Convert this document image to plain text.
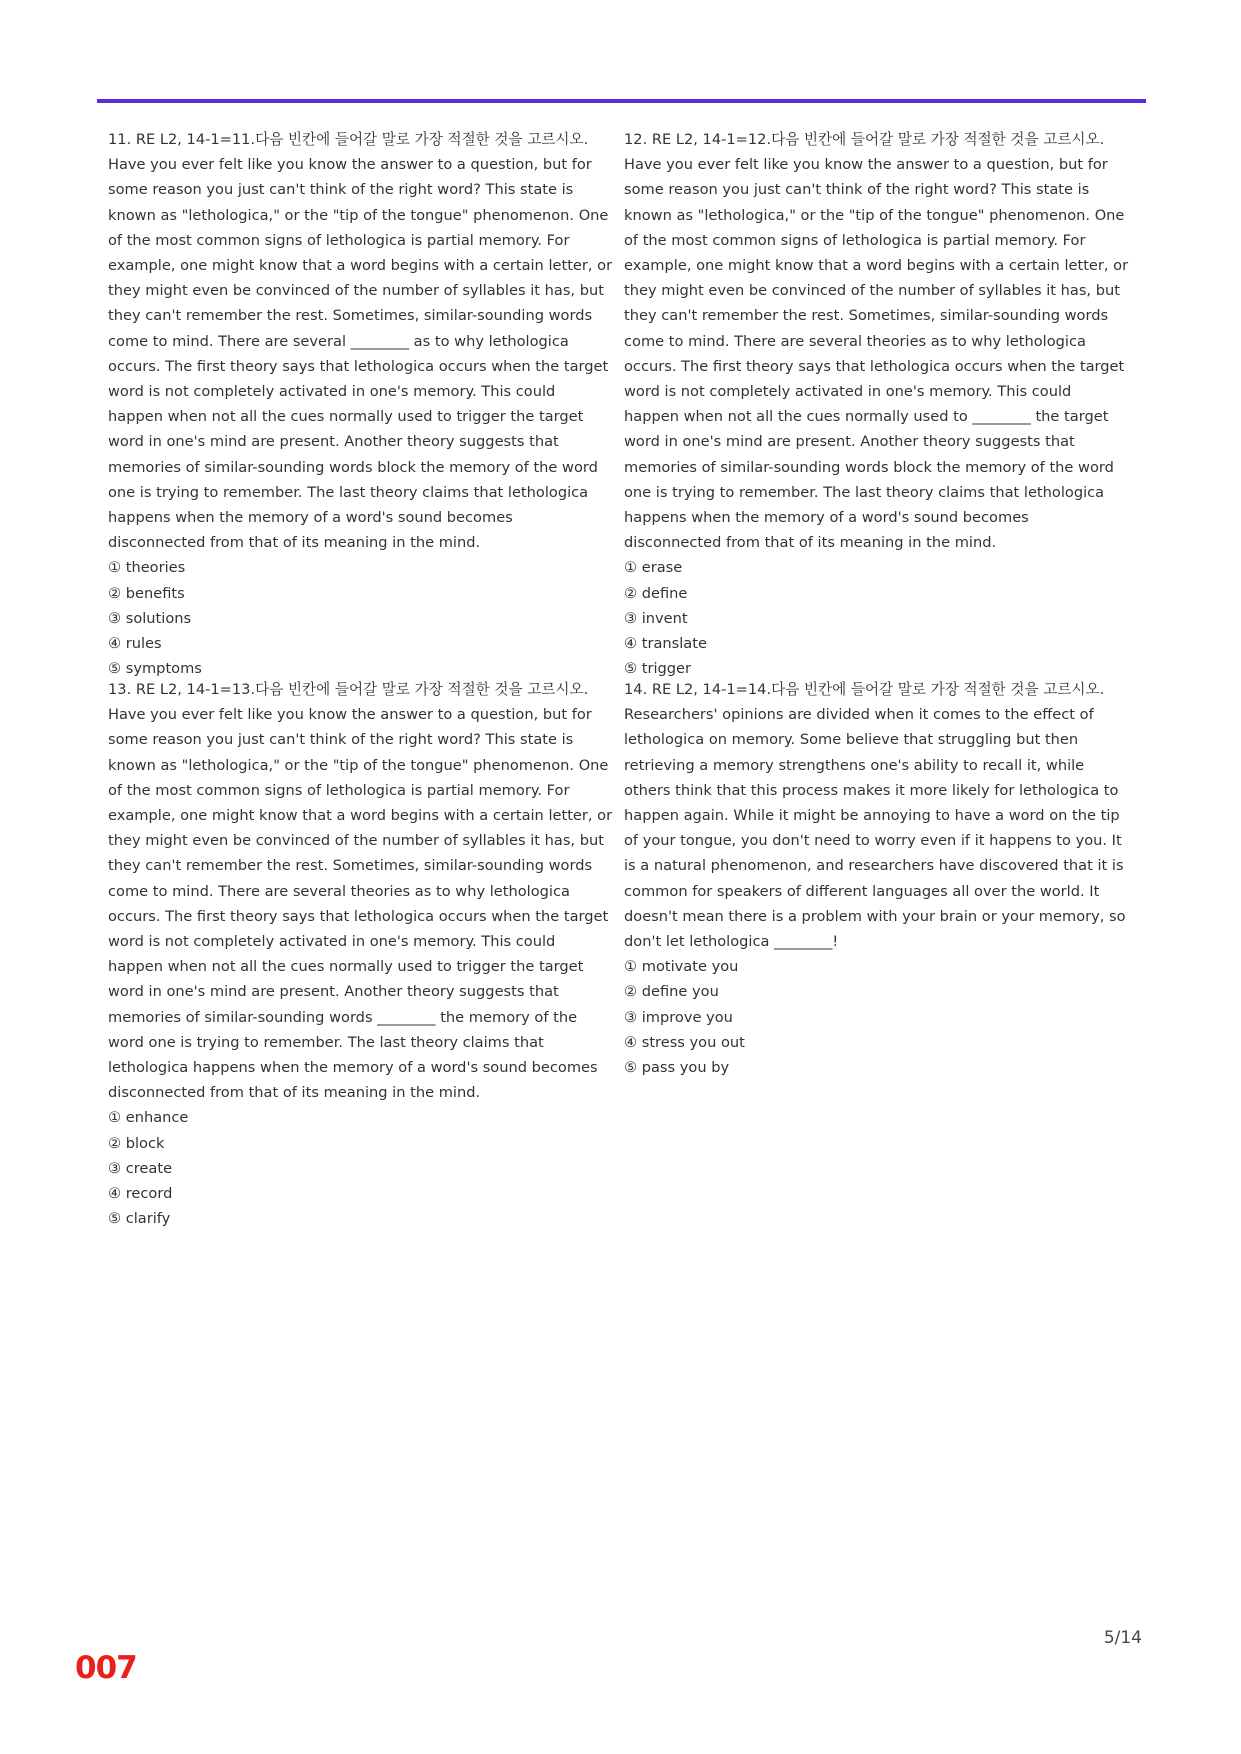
11. RE L2, 14-1=11.다음 빈칸에 들어갈 말로 가장 적절한 것을 고르시오.

Have you ever felt like you know the answer to a question, but for some reason you just can't think of the right word? This state is known as "lethologica," or the "tip of the tongue" phenomenon. One of the most common signs of lethologica is partial memory. For example, one might know that a word begins with a certain letter, or they might even be convinced of the number of syllables it has, but they can't remember the rest. Sometimes, similar-sounding words come to mind. There are several ________ as to why lethologica occurs. The first theory says that lethologica occurs when the target word is not completely activated in one's memory. This could happen when not all the cues normally used to trigger the target word in one's mind are present. Another theory suggests that memories of similar-sounding words block the memory of the word one is trying to remember. The last theory claims that lethologica happens when the memory of a word's sound becomes disconnected from that of its meaning in the mind.

① theories
② benefits
③ solutions
④ rules
⑤ symptoms

12. RE L2, 14-1=12.다음 빈칸에 들어갈 말로 가장 적절한 것을 고르시오.

Have you ever felt like you know the answer to a question, but for some reason you just can't think of the right word? This state is known as "lethologica," or the "tip of the tongue" phenomenon. One of the most common signs of lethologica is partial memory. For example, one might know that a word begins with a certain letter, or they might even be convinced of the number of syllables it has, but they can't remember the rest. Sometimes, similar-sounding words come to mind. There are several theories as to why lethologica occurs. The first theory says that lethologica occurs when the target word is not completely activated in one's memory. This could happen when not all the cues normally used to ________ the target word in one's mind are present. Another theory suggests that memories of similar-sounding words block the memory of the word one is trying to remember. The last theory claims that lethologica happens when the memory of a word's sound becomes disconnected from that of its meaning in the mind.

① erase
② define
③ invent
④ translate
⑤ trigger

13. RE L2, 14-1=13.다음 빈칸에 들어갈 말로 가장 적절한 것을 고르시오.

Have you ever felt like you know the answer to a question, but for some reason you just can't think of the right word? This state is known as "lethologica," or the "tip of the tongue" phenomenon. One of the most common signs of lethologica is partial memory. For example, one might know that a word begins with a certain letter, or they might even be convinced of the number of syllables it has, but they can't remember the rest. Sometimes, similar-sounding words come to mind. There are several theories as to why lethologica occurs. The first theory says that lethologica occurs when the target word is not completely activated in one's memory. This could happen when not all the cues normally used to trigger the target word in one's mind are present. Another theory suggests that memories of similar-sounding words ________ the memory of the word one is trying to remember. The last theory claims that lethologica happens when the memory of a word's sound becomes disconnected from that of its meaning in the mind.

① enhance
② block
③ create
④ record
⑤ clarify

14. RE L2, 14-1=14.다음 빈칸에 들어갈 말로 가장 적절한 것을 고르시오.

Researchers' opinions are divided when it comes to the effect of lethologica on memory. Some believe that struggling but then retrieving a memory strengthens one's ability to recall it, while others think that this process makes it more likely for lethologica to happen again. While it might be annoying to have a word on the tip of your tongue, you don't need to worry even if it happens to you. It is a natural phenomenon, and researchers have discovered that it is common for speakers of different languages all over the world. It doesn't mean there is a problem with your brain or your memory, so don't let lethologica ________!

① motivate you
② define you
③ improve you
④ stress you out
⑤ pass you by
5/14
007
